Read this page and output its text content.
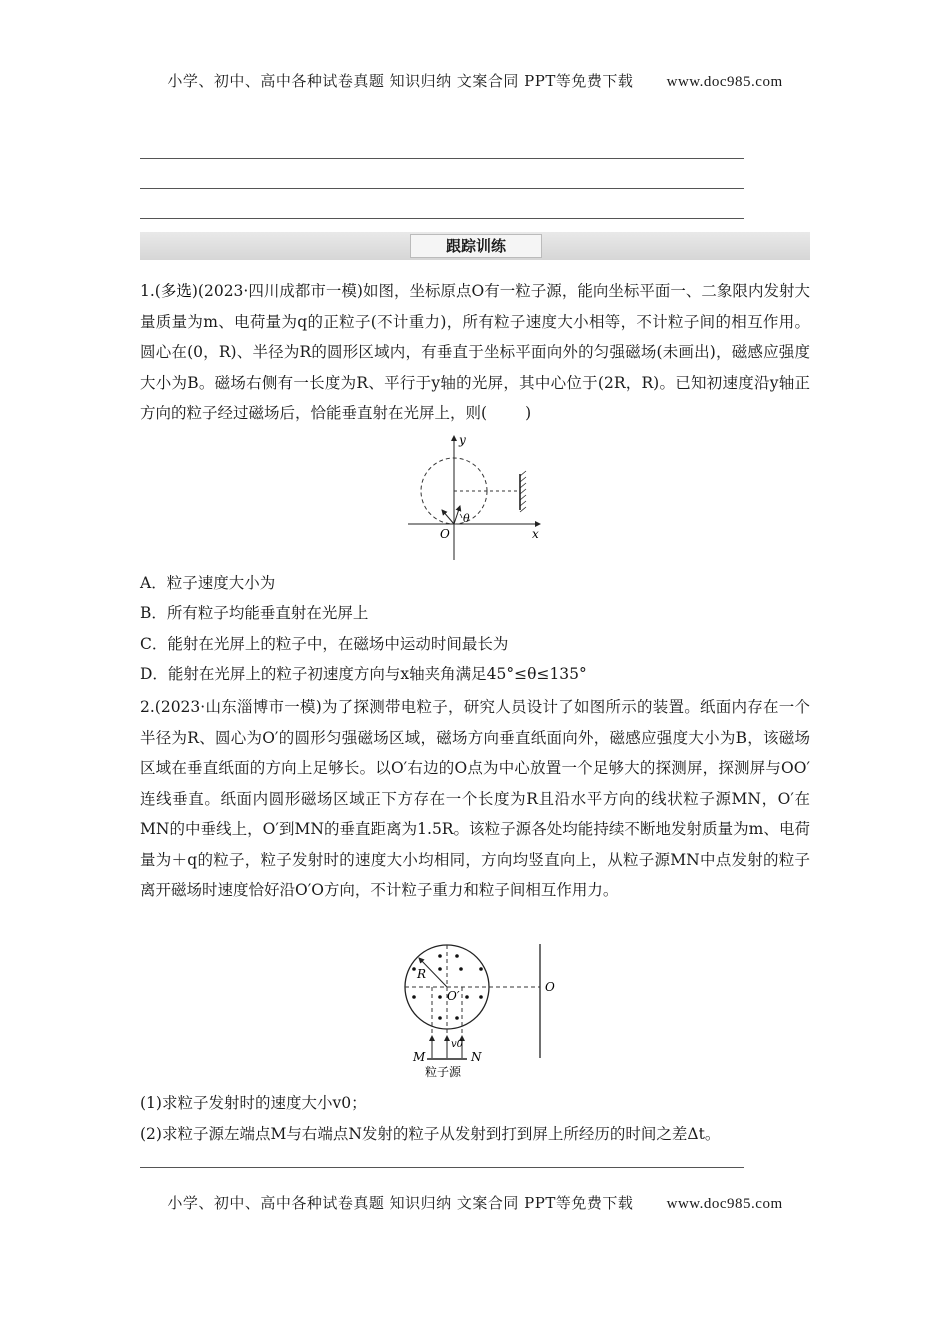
小学、初中、高中各种试卷真题 知识归纳 文案合同 PPT等免费下载 www.doc985.com
跟踪训练

1.(多选)(2023·四川成都市一模)如图，坐标原点O有一粒子源，能向坐标平面一、二象限内发射大量质量为m、电荷量为q的正粒子(不计重力)，所有粒子速度大小相等，不计粒子间的相互作用。圆心在(0，R)、半径为R的圆形区域内，有垂直于坐标平面向外的匀强磁场(未画出)，磁感应强度大小为B。磁场右侧有一长度为R、平行于y轴的光屏，其中心位于(2R，R)。已知初速度沿y轴正方向的粒子经过磁场后，恰能垂直射在光屏上，则( )

y
x
O
θ

A．粒子速度大小为

B．所有粒子均能垂直射在光屏上

C．能射在光屏上的粒子中，在磁场中运动时间最长为

D．能射在光屏上的粒子初速度方向与x轴夹角满足45°≤θ≤135°

2.(2023·山东淄博市一模)为了探测带电粒子，研究人员设计了如图所示的装置。纸面内存在一个半径为R、圆心为O′的圆形匀强磁场区域，磁场方向垂直纸面向外，磁感应强度大小为B，该磁场区域在垂直纸面的方向上足够长。以O′右边的O点为中心放置一个足够大的探测屏，探测屏与OO′连线垂直。纸面内圆形磁场区域正下方存在一个长度为R且沿水平方向的线状粒子源MN，O′在MN的中垂线上，O′到MN的垂直距离为1.5R。该粒子源各处均能持续不断地发射质量为m、电荷量为＋q的粒子，粒子发射时的速度大小均相同，方向均竖直向上，从粒子源MN中点发射的粒子离开磁场时速度恰好沿O′O方向，不计粒子重力和粒子间相互作用力。

R
O′
O
v0
M	N
粒子源

(1)求粒子发射时的速度大小v0；

(2)求粒子源左端点M与右端点N发射的粒子从发射到打到屏上所经历的时间之差Δt。

小学、初中、高中各种试卷真题 知识归纳 文案合同 PPT等免费下载 www.doc985.com
